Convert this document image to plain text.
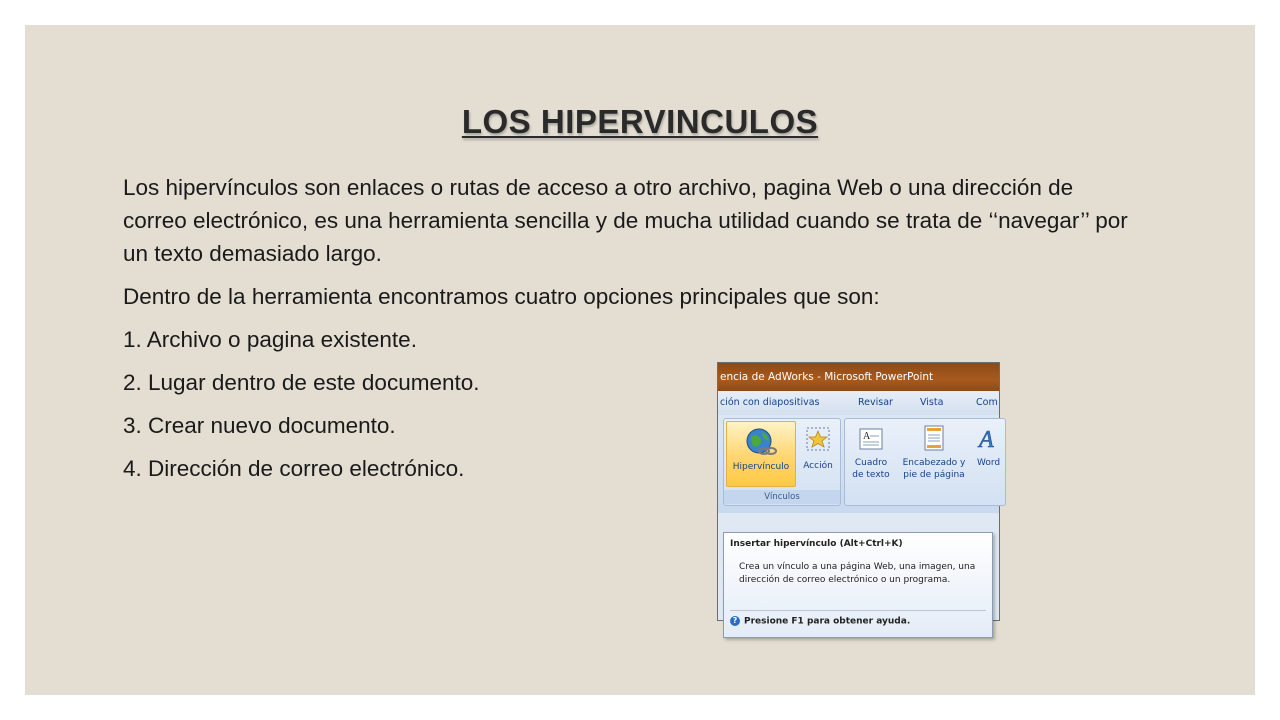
LOS HIPERVINCULOS

Los hipervínculos son enlaces o rutas de acceso a otro archivo, pagina Web o una dirección de correo electrónico, es una herramienta sencilla y de mucha utilidad cuando se trata de ‘‘navegar’’ por un texto demasiado largo.

Dentro de la herramienta encontramos cuatro opciones principales que son:

1. Archivo o pagina existente.
2. Lugar dentro de este documento.
3. Crear nuevo documento.
4. Dirección de correo electrónico.
encia de AdWorks - Microsoft PowerPoint
ción con diapositivas	Revisar	Vista	Com
Hipervínculo	Acción
Vínculos
A
Cuadro
de texto
Encabezado y
pie de página
A
Word
Insertar hipervínculo (Alt+Ctrl+K)
Crea un vínculo a una página Web, una imagen, una dirección de correo electrónico o un programa.
? Presione F1 para obtener ayuda.
